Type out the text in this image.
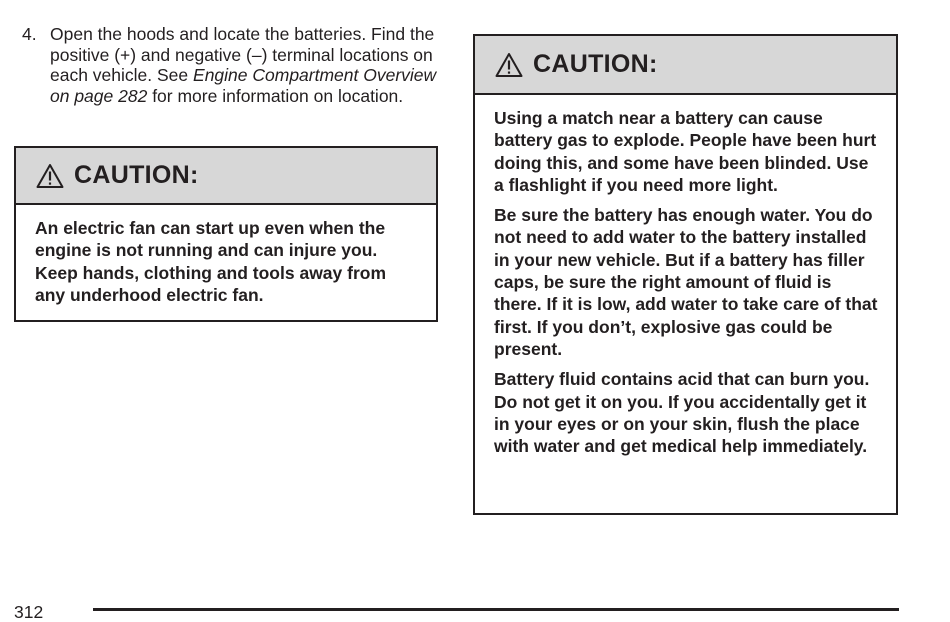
4. Open the hoods and locate the batteries. Find the positive (+) and negative (–) terminal locations on each vehicle. See Engine Compartment Overview on page 282 for more information on location.
CAUTION:

An electric fan can start up even when the engine is not running and can injure you. Keep hands, clothing and tools away from any underhood electric fan.

CAUTION:

Using a match near a battery can cause battery gas to explode. People have been hurt doing this, and some have been blinded. Use a flashlight if you need more light.

Be sure the battery has enough water. You do not need to add water to the battery installed in your new vehicle. But if a battery has filler caps, be sure the right amount of fluid is there. If it is low, add water to take care of that first. If you don’t, explosive gas could be present.

Battery fluid contains acid that can burn you. Do not get it on you. If you accidentally get it in your eyes or on your skin, flush the place with water and get medical help immediately.

312
